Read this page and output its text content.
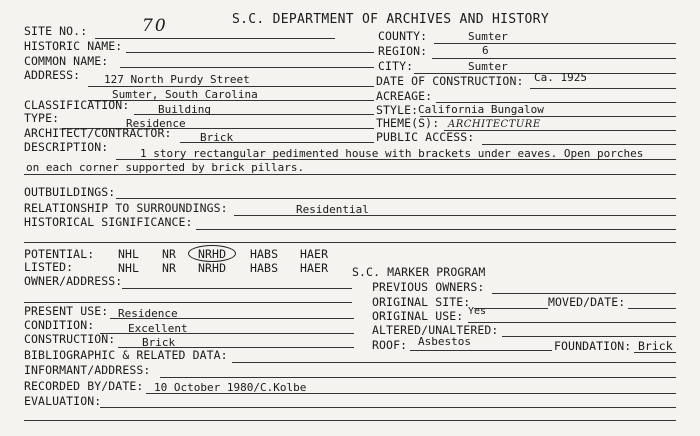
S.C. DEPARTMENT OF ARCHIVES AND HISTORY
SITE NO.:	70	COUNTY:	Sumter
HISTORIC NAME:	REGION:	6
COMMON NAME:	CITY:	Sumter
ADDRESS: 127 North Purdy Street
Sumter, South Carolina
DATE OF CONSTRUCTION: Ca. 1925
ACREAGE:
CLASSIFICATION:	Building	STYLE: California Bungalow
TYPE:	Residence	THEME(S): ARCHITECTURE
ARCHITECT/CONTRACTOR:	Brick	PUBLIC ACCESS:
DESCRIPTION:	1 story rectangular pedimented house with brackets under eaves. Open porches
on each corner supported by brick pillars.
OUTBUILDINGS:
RELATIONSHIP TO SURROUNDINGS:	Residential
HISTORICAL SIGNIFICANCE:
POTENTIAL: NHL NR NRHD HABS HAER
LISTED:	NHL NR NRHD HABS HAER S.C. MARKER PROGRAM
OWNER/ADDRESS:	PREVIOUS OWNERS:
ORIGINAL SITE:	MOVED/DATE:
PRESENT USE: Residence	ORIGINAL USE: Yes
CONDITION:	Excellent	ALTERED/UNALTERED:
CONSTRUCTION: Brick	ROOF: Asbestos	FOUNDATION: Brick
BIBLIOGRAPHIC & RELATED DATA:
INFORMANT/ADDRESS:
RECORDED BY/DATE: 10 October 1980/C.Kolbe
EVALUATION:
